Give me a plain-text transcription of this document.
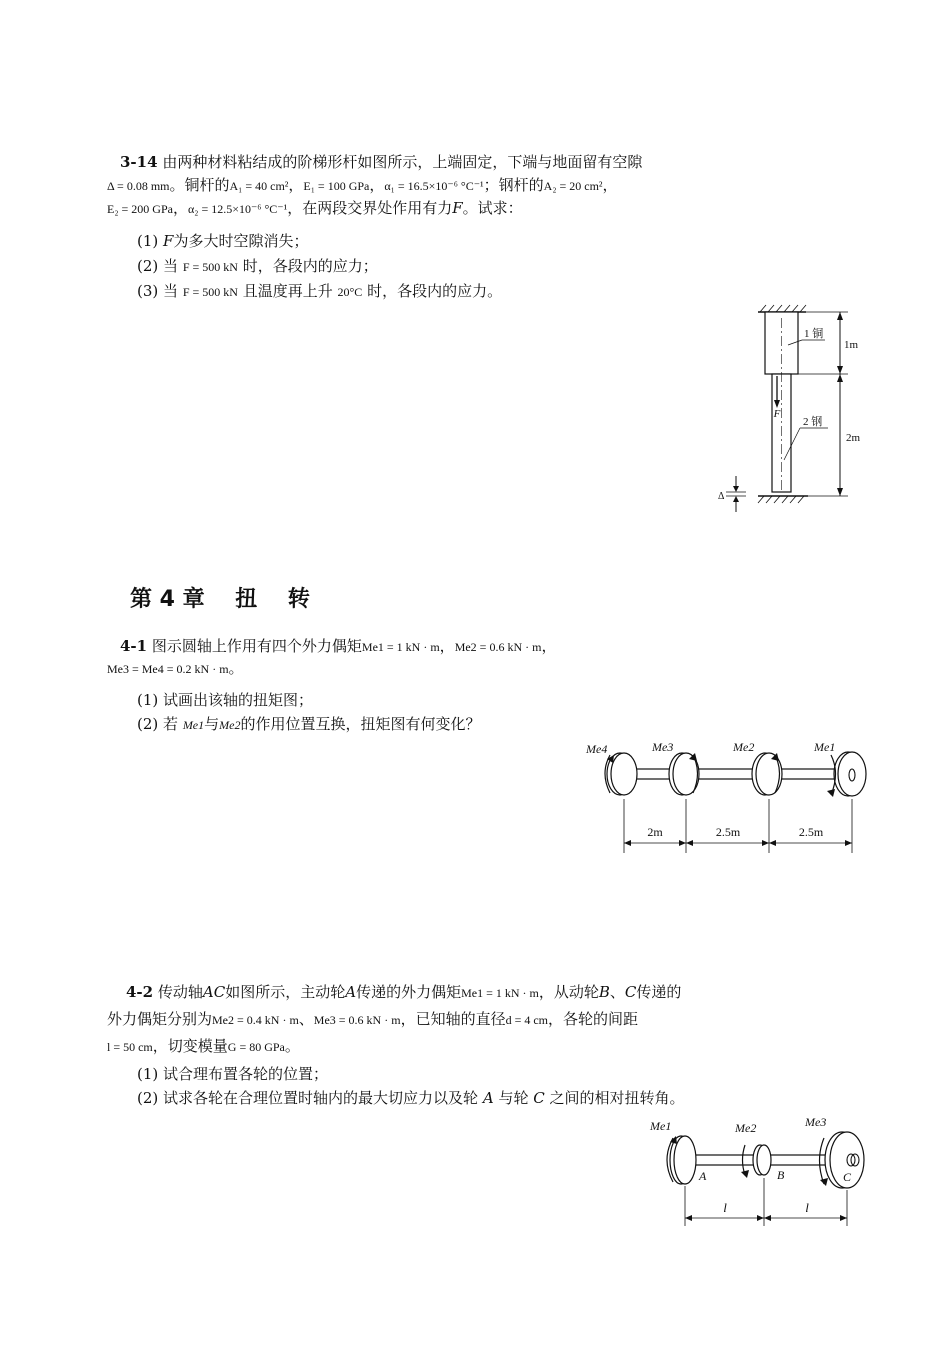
3-14 由两种材料粘结成的阶梯形杆如图所示，上端固定，下端与地面留有空隙
Δ = 0.08 mm。铜杆的A₁ = 40 cm²，E₁ = 100 GPa，α₁ = 16.5×10⁻⁶ °C⁻¹；钢杆的A₂ = 20 cm²，
E₂ = 200 GPa，α₂ = 12.5×10⁻⁶ °C⁻¹，在两段交界处作用有力F。试求：
(1) F为多大时空隙消失；
(2) 当 F = 500 kN 时，各段内的应力；
(3) 当 F = 500 kN 且温度再上升 20°C 时，各段内的应力。
F
1 铜
2 钢
Δ
1m
2m
第 4 章    扭    转
4-1 图示圆轴上作用有四个外力偶矩Me1 = 1 kN · m，Me2 = 0.6 kN · m，
Me3 = Me4 = 0.2 kN · m。
(1) 试画出该轴的扭矩图；
(2) 若 Me1与Me2的作用位置互换，扭矩图有何变化？
Me4	Me3	Me2	Me1
2m	2.5m	2.5m
4-2 传动轴AC如图所示，主动轮A传递的外力偶矩Me1 = 1 kN · m，从动轮B、C传递的
外力偶矩分别为Me2 = 0.4 kN · m、Me3 = 0.6 kN · m，已知轴的直径d = 4 cm，各轮的间距
l = 50 cm，切变模量G = 80 GPa。
(1) 试合理布置各轮的位置；
(2) 试求各轮在合理位置时轴内的最大切应力以及轮 A 与轮 C 之间的相对扭转角。
Me1	Me2	Me3
A	B	C
l	l
